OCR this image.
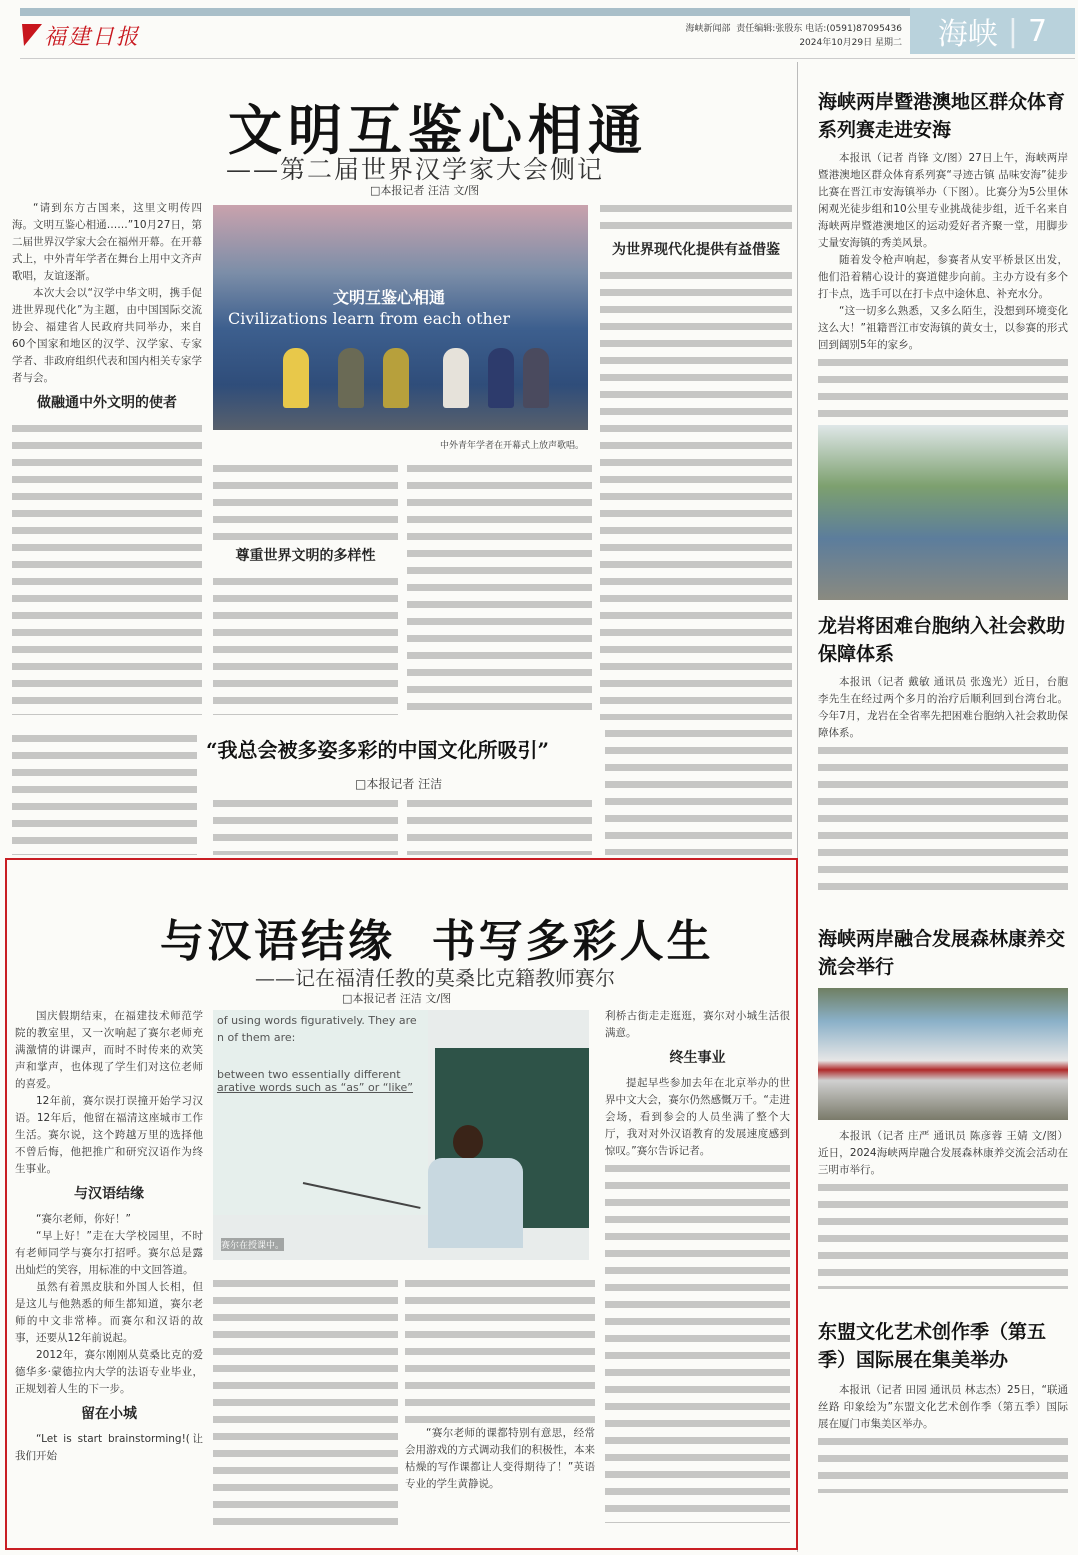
福建日报	海峡新闻部 责任编辑:张殷东 电话:(0591)87095436
2024年10月29日 星期二 海峡 | 7
文明互鉴心相通
——第二届世界汉学家大会侧记
□本报记者 汪洁 文/图

“请到东方古国来，这里文明传四海。文明互鉴心相通……”10月27日，第二届世界汉学家大会在福州开幕。在开幕式上，中外青年学者在舞台上用中文齐声歌唱，友谊逐渐。

本次大会以“汉学中华文明，携手促进世界现代化”为主题，由中国国际交流协会、福建省人民政府共同举办，来自60个国家和地区的汉学、汉学家、专家学者、非政府组织代表和国内相关专家学者与会。

做融通中外文明的使者
文明互鉴心相通
Civilizations learn from each other
中外青年学者在开幕式上放声歌唱。
尊重世界文明的多样性
为世界现代化提供有益借鉴
“我总会被多姿多彩的中国文化所吸引”
□本报记者 汪洁
与汉语结缘  书写多彩人生
——记在福清任教的莫桑比克籍教师赛尔
□本报记者 汪洁 文/图

国庆假期结束，在福建技术师范学院的教室里，又一次响起了赛尔老师充满激情的讲课声，而时不时传来的欢笑声和掌声，也体现了学生们对这位老师的喜爱。

12年前，赛尔误打误撞开始学习汉语。12年后，他留在福清这座城市工作生活。赛尔说，这个跨越万里的选择他不曾后悔，他把推广和研究汉语作为终生事业。

与汉语结缘

“赛尔老师，你好！”

“早上好！”走在大学校园里，不时有老师同学与赛尔打招呼。赛尔总是露出灿烂的笑容，用标准的中文回答道。

虽然有着黑皮肤和外国人长相，但是这儿与他熟悉的师生都知道，赛尔老师的中文非常棒。而赛尔和汉语的故事，还要从12年前说起。

2012年，赛尔刚刚从莫桑比克的爱德华多·蒙德拉内大学的法语专业毕业，正规划着人生的下一步。

留在小城

“Let is start brainstorming!(让我们开始

of using words figuratively. They are
n of them are:
between two essentially different
arative words such as “as” or “like”
赛尔在授课中。

“赛尔老师的课都特别有意思，经常会用游戏的方式调动我们的积极性，本来枯燥的写作课都让人变得期待了！”英语专业的学生黄静说。

利桥古街走走逛逛，赛尔对小城生活很满意。
终生事业

提起早些参加去年在北京举办的世界中文大会，赛尔仍然感慨万千。“走进会场，看到参会的人员坐满了整个大厅，我对对外汉语教育的发展速度感到惊叹。”赛尔告诉记者。

海峡两岸暨港澳地区群众体育系列赛走进安海

本报讯（记者 肖锋 文/图）27日上午，海峡两岸暨港澳地区群众体育系列赛“寻迹古镇 品味安海”徒步比赛在晋江市安海镇举办（下图）。比赛分为5公里休闲观光徒步组和10公里专业挑战徒步组，近千名来自海峡两岸暨港澳地区的运动爱好者齐聚一堂，用脚步丈量安海镇的秀美风景。

随着发令枪声响起，参赛者从安平桥景区出发，他们沿着精心设计的赛道健步向前。主办方设有多个打卡点，选手可以在打卡点中途休息、补充水分。

“这一切多么熟悉，又多么陌生，没想到环境变化这么大！”祖籍晋江市安海镇的黄女士，以参赛的形式回到阔别5年的家乡。

龙岩将困难台胞纳入社会救助保障体系

本报讯（记者 戴敏 通讯员 张逸光）近日，台胞李先生在经过两个多月的治疗后顺利回到台湾台北。今年7月，龙岩在全省率先把困难台胞纳入社会救助保障体系。

海峡两岸融合发展森林康养交流会举行

本报讯（记者 庄严 通讯员 陈彦蓉 王婧 文/图）近日，2024海峡两岸融合发展森林康养交流会活动在三明市举行。

东盟文化艺术创作季（第五季）国际展在集美举办

本报讯（记者 田园 通讯员 林志杰）25日，“联通丝路 印象绘为”东盟文化艺术创作季（第五季）国际展在厦门市集美区举办。
